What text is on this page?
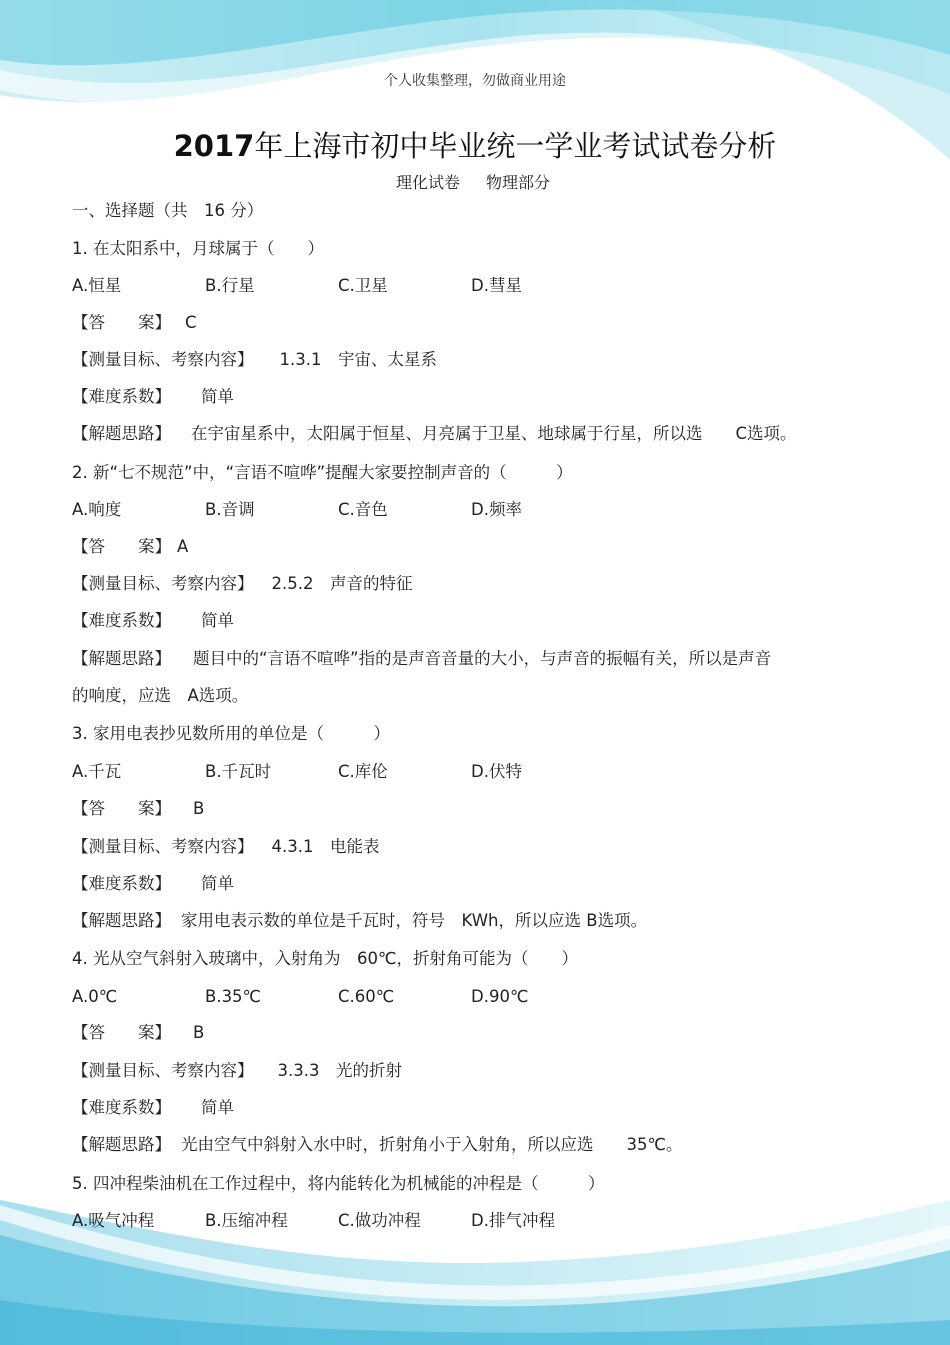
个人收集整理，勿做商业用途
2017年上海市初中毕业统一学业考试试卷分析
理化试卷 物理部分
一、选择题（共　16 分）
1. 在太阳系中，月球属于（　　）
A.恒星	B.行星	C.卫星	D.彗星
【答　　案】 C
【测量目标、考察内容】 1.3.1　宇宙、太星系
【难度系数】 简单
【解题思路】 在宇宙星系中，太阳属于恒星、月亮属于卫星、地球属于行星，所以选　　C选项。
2. 新“七不规范”中，“言语不喧哗”提醒大家要控制声音的（　　　）
A.响度	B.音调	C.音色	D.频率
【答　　案】 A
【测量目标、考察内容】 2.5.2　声音的特征
【难度系数】 简单
【解题思路】 题目中的“言语不喧哗”指的是声音音量的大小，与声音的振幅有关，所以是声音
的响度，应选　A选项。
3. 家用电表抄见数所用的单位是（　　　）
A.千瓦	B.千瓦时	C.库伦	D.伏特
【答　　案】 B
【测量目标、考察内容】 4.3.1　电能表
【难度系数】 简单
【解题思路】 家用电表示数的单位是千瓦时，符号　KWh，所以应选 B选项。
4. 光从空气斜射入玻璃中，入射角为　60℃，折射角可能为（　　）
A.0℃	B.35℃	C.60℃	D.90℃
【答　　案】 B
【测量目标、考察内容】 3.3.3　光的折射
【难度系数】 简单
【解题思路】 光由空气中斜射入水中时，折射角小于入射角，所以应选　　35℃。
5. 四冲程柴油机在工作过程中，将内能转化为机械能的冲程是（　　　）
A.吸气冲程	B.压缩冲程	C.做功冲程	D.排气冲程
